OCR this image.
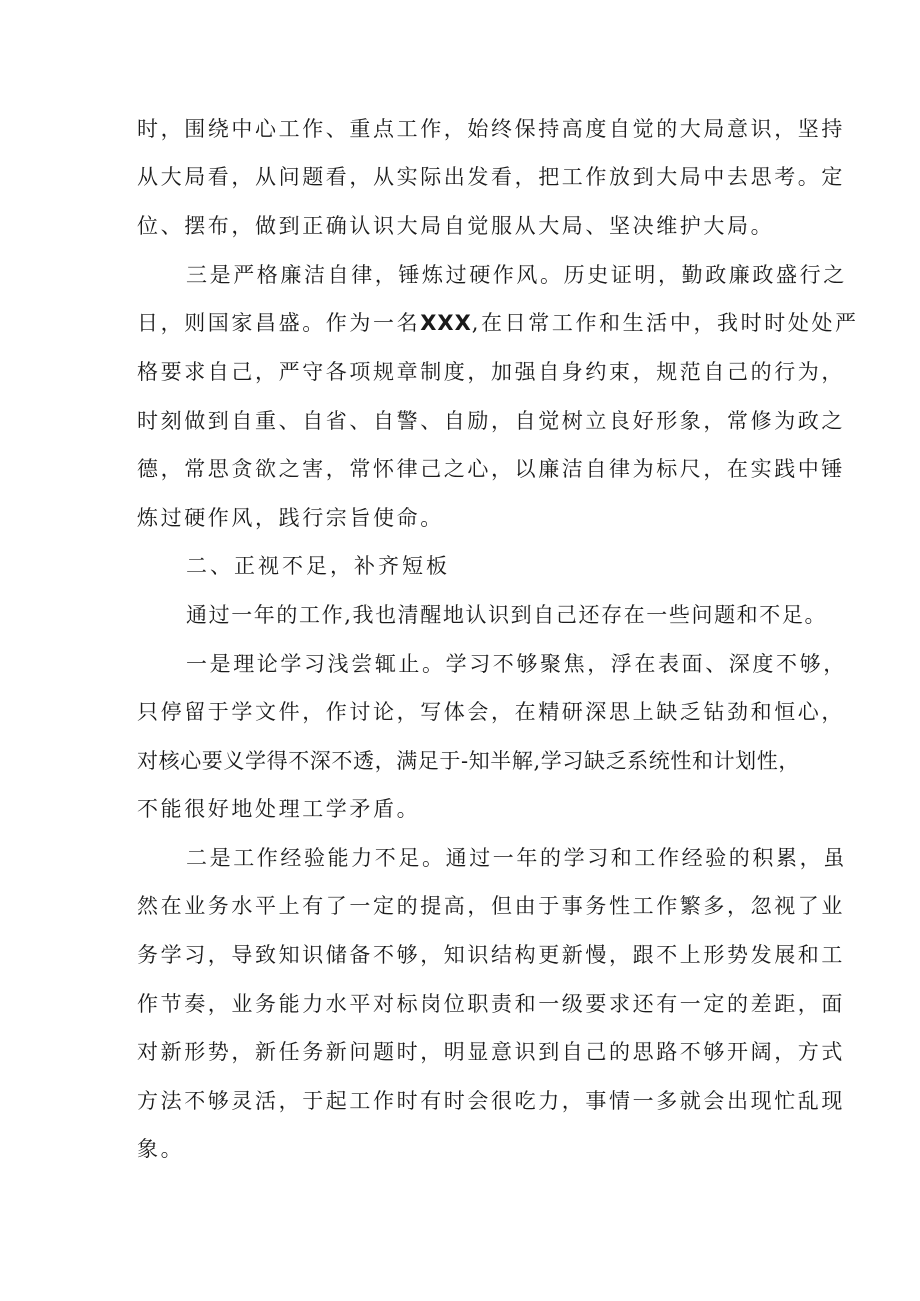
时，围绕中心工作、重点工作，始终保持高度自觉的大局意识，坚持
从大局看，从问题看，从实际出发看，把工作放到大局中去思考。定
位、摆布，做到正确认识大局自觉服从大局、坚决维护大局。
三是严格廉洁自律，锤炼过硬作风。历史证明，勤政廉政盛行之
日，则国家昌盛。作为一名XXX,在日常工作和生活中，我时时处处严
格要求自己，严守各项规章制度，加强自身约束，规范自己的行为，
时刻做到自重、自省、自警、自励，自觉树立良好形象，常修为政之
德，常思贪欲之害，常怀律己之心，以廉洁自律为标尺，在实践中锤
炼过硬作风，践行宗旨使命。
二、正视不足，补齐短板
通过一年的工作,我也清醒地认识到自己还存在一些问题和不足。
一是理论学习浅尝辄止。学习不够聚焦，浮在表面、深度不够，
只停留于学文件，作讨论，写体会，在精研深思上缺乏钻劲和恒心，
对核心要义学得不深不透，满足于-知半解,学习缺乏系统性和计划性，
不能很好地处理工学矛盾。
二是工作经验能力不足。通过一年的学习和工作经验的积累，虽
然在业务水平上有了一定的提高，但由于事务性工作繁多，忽视了业
务学习，导致知识储备不够，知识结构更新慢，跟不上形势发展和工
作节奏，业务能力水平对标岗位职责和一级要求还有一定的差距，面
对新形势，新任务新问题时，明显意识到自己的思路不够开阔，方式
方法不够灵活，于起工作时有时会很吃力，事情一多就会出现忙乱现
象。
